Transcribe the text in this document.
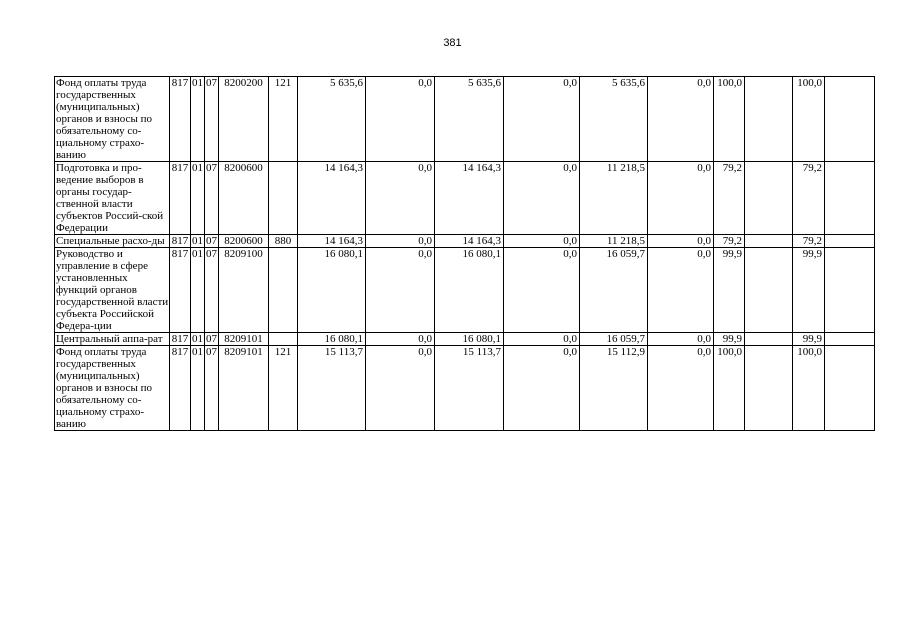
381
Фонд оплаты труда государственных (муниципальных) органов и взносы по обязательному со-циальному страхо-ванию	817	01	07	8200200	121	5 635,6	0,0	5 635,6	0,0	5 635,6	0,0	100,0		100,0	
Подготовка и про-ведение выборов в органы государ-ственной власти субъектов Россий-ской Федерации	817	01	07	8200600		14 164,3	0,0	14 164,3	0,0	11 218,5	0,0	79,2		79,2	
Специальные расхо-ды	817	01	07	8200600	880	14 164,3	0,0	14 164,3	0,0	11 218,5	0,0	79,2		79,2	
Руководство и управление в сфере установленных функций органов государственной власти субъекта Российской Федера-ции	817	01	07	8209100		16 080,1	0,0	16 080,1	0,0	16 059,7	0,0	99,9		99,9	
Центральный аппа-рат	817	01	07	8209101		16 080,1	0,0	16 080,1	0,0	16 059,7	0,0	99,9		99,9	
Фонд оплаты труда государственных (муниципальных) органов и взносы по обязательному со-циальному страхо-ванию	817	01	07	8209101	121	15 113,7	0,0	15 113,7	0,0	15 112,9	0,0	100,0		100,0	
